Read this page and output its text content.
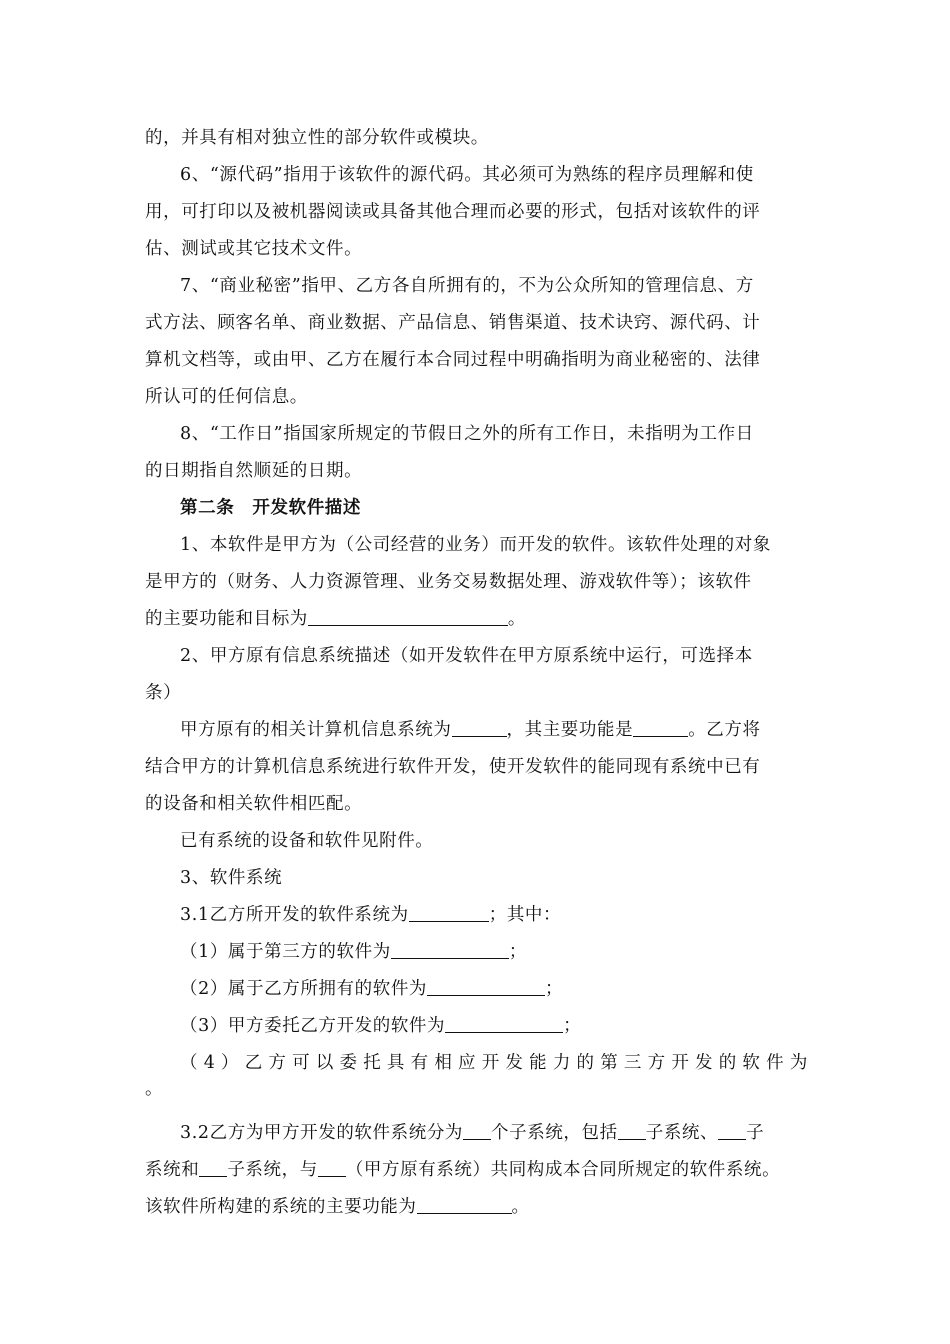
的，并具有相对独立性的部分软件或模块。
6、“源代码”指用于该软件的源代码。其必须可为熟练的程序员理解和使
用，可打印以及被机器阅读或具备其他合理而必要的形式，包括对该软件的评
估、测试或其它技术文件。
7、“商业秘密”指甲、乙方各自所拥有的，不为公众所知的管理信息、方
式方法、顾客名单、商业数据、产品信息、销售渠道、技术诀窍、源代码、计
算机文档等，或由甲、乙方在履行本合同过程中明确指明为商业秘密的、法律
所认可的任何信息。
8、“工作日”指国家所规定的节假日之外的所有工作日，未指明为工作日
的日期指自然顺延的日期。
第二条　开发软件描述
1、本软件是甲方为（公司经营的业务）而开发的软件。该软件处理的对象
是甲方的（财务、人力资源管理、业务交易数据处理、游戏软件等）；该软件
的主要功能和目标为	。
2、甲方原有信息系统描述（如开发软件在甲方原系统中运行，可选择本
条）
甲方原有的相关计算机信息系统为	，其主要功能是	。乙方将
结合甲方的计算机信息系统进行软件开发，使开发软件的能同现有系统中已有
的设备和相关软件相匹配。
已有系统的设备和软件见附件。
3、软件系统
3.1乙方所开发的软件系统为	；其中：
（1）属于第三方的软件为	；
（2）属于乙方所拥有的软件为	；
（3）甲方委托乙方开发的软件为	；
（4）乙方可以委托具有相应开发能力的第三方开发的软件为
。
3.2乙方为甲方开发的软件系统分为 个子系统，包括 子系统、 子
系统和 子系统，与 （甲方原有系统）共同构成本合同所规定的软件系统。
该软件所构建的系统的主要功能为	。
